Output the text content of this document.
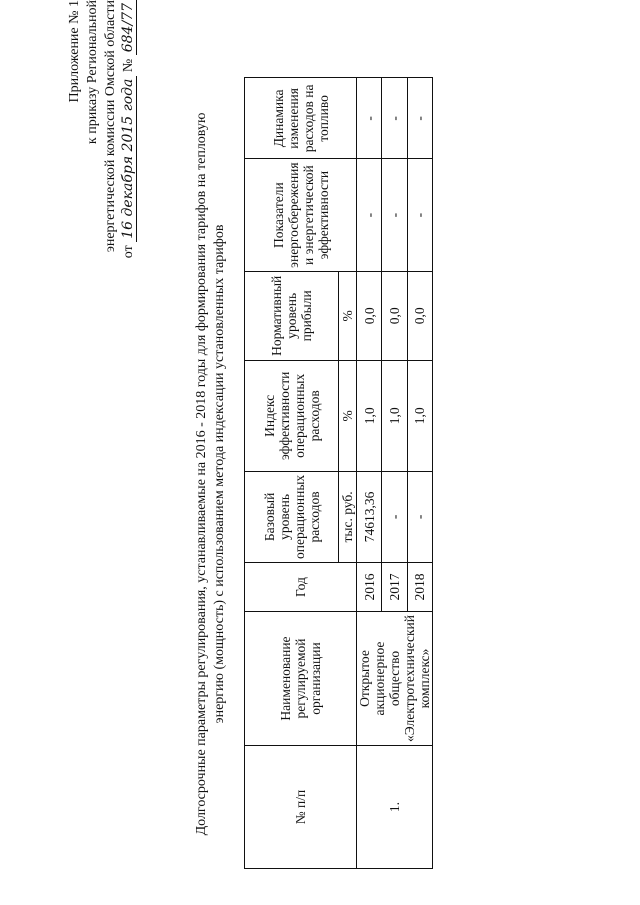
Приложение № 1 к приказу Региональной энергетической комиссии Омской области от 16 декабря 2015 года № 684/77
Долгосрочные параметры регулирования, устанавливаемые на 2016 - 2018 годы для формирования тарифов на тепловую энергию (мощность) с использованием метода индексации установленных тарифов
№ п/п	Наименование регулируемой организации	Год	Базовый уровень операционных расходов	Индекс эффективности операционных расходов	Нормативный уровень прибыли	Показатели энергосбережения и энергетической эффективности	Динамика изменения расходов на топливо
			тыс. руб.	%	%		
1.	Открытое акционерное общество «Электротехнический комплекс»	2016	74613,36	1,0	0,0	-	-
		2017	-	1,0	0,0	-	-
		2018	-	1,0	0,0	-	-
